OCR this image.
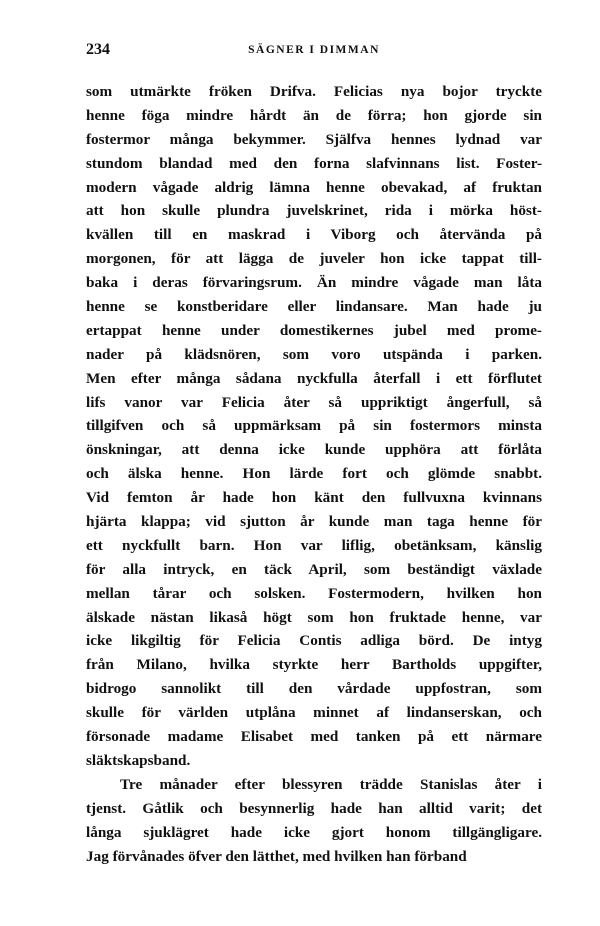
234	SÄGNER I DIMMAN
som utmärkte fröken Drifva. Felicias nya bojor tryckte
henne föga mindre hårdt än de förra; hon gjorde sin
fostermor många bekymmer. Själfva hennes lydnad var
stundom blandad med den forna slafvinnans list. Foster-
modern vågade aldrig lämna henne obevakad, af fruktan
att hon skulle plundra juvelskrinet, rida i mörka höst-
kvällen till en maskrad i Viborg och återvända på
morgonen, för att lägga de juveler hon icke tappat till-
baka i deras förvaringsrum. Än mindre vågade man låta
henne se konstberidare eller lindansare. Man hade ju
ertappat henne under domestikernes jubel med prome-
nader på klädsnören, som voro utspända i parken.
Men efter många sådana nyckfulla återfall i ett förflutet
lifs vanor var Felicia åter så uppriktigt ångerfull, så
tillgifven och så uppmärksam på sin fostermors minsta
önskningar, att denna icke kunde upphöra att förlåta
och älska henne. Hon lärde fort och glömde snabbt.
Vid femton år hade hon känt den fullvuxna kvinnans
hjärta klappa; vid sjutton år kunde man taga henne för
ett nyckfullt barn. Hon var liflig, obetänksam, känslig
för alla intryck, en täck April, som beständigt växlade
mellan tårar och solsken. Fostermodern, hvilken hon
älskade nästan likaså högt som hon fruktade henne, var
icke likgiltig för Felicia Contis adliga börd. De intyg
från Milano, hvilka styrkte herr Bartholds uppgifter,
bidrogo sannolikt till den vårdade uppfostran, som
skulle för världen utplåna minnet af lindanserskan, och
försonade madame Elisabet med tanken på ett närmare
släktskapsband.
Tre månader efter blessyren trädde Stanislas åter i
tjenst. Gåtlik och besynnerlig hade han alltid varit; det
långa sjuklägret hade icke gjort honom tillgängligare.
Jag förvånades öfver den lätthet, med hvilken han förband
